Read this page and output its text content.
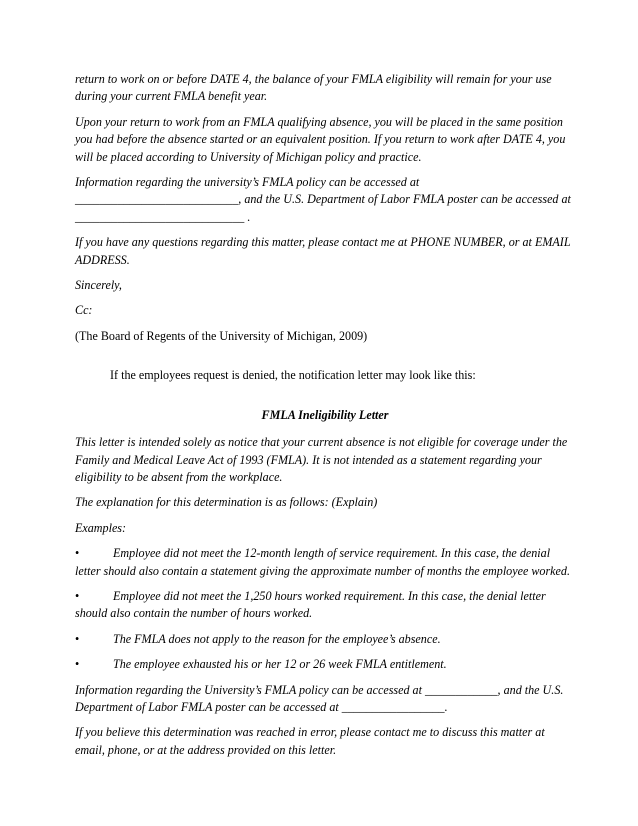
return to work on or before DATE 4, the balance of your FMLA eligibility will remain for your use during your current FMLA benefit year.

Upon your return to work from an FMLA qualifying absence, you will be placed in the same position you had before the absence started or an equivalent position. If you return to work after DATE 4, you will be placed according to University of Michigan policy and practice.

Information regarding the university’s FMLA policy can be accessed at ___________________________, and the U.S. Department of Labor FMLA poster can be accessed at ____________________________ .

If you have any questions regarding this matter, please contact me at PHONE NUMBER, or at EMAIL ADDRESS.

Sincerely,

Cc:

(The Board of Regents of the University of Michigan, 2009)

If the employees request is denied, the notification letter may look like this:

FMLA Ineligibility Letter

This letter is intended solely as notice that your current absence is not eligible for coverage under the Family and Medical Leave Act of 1993 (FMLA). It is not intended as a statement regarding your eligibility to be absent from the workplace.

The explanation for this determination is as follows: (Explain)

Examples:

•	Employee did not meet the 12-month length of service requirement. In this case, the denial letter should also contain a statement giving the approximate number of months the employee worked.

•	Employee did not meet the 1,250 hours worked requirement. In this case, the denial letter should also contain the number of hours worked.

•	The FMLA does not apply to the reason for the employee’s absence.

•	The employee exhausted his or her 12 or 26 week FMLA entitlement.

Information regarding the University’s FMLA policy can be accessed at ____________, and the U.S. Department of Labor FMLA poster can be accessed at _________________.

If you believe this determination was reached in error, please contact me to discuss this matter at email, phone, or at the address provided on this letter.
